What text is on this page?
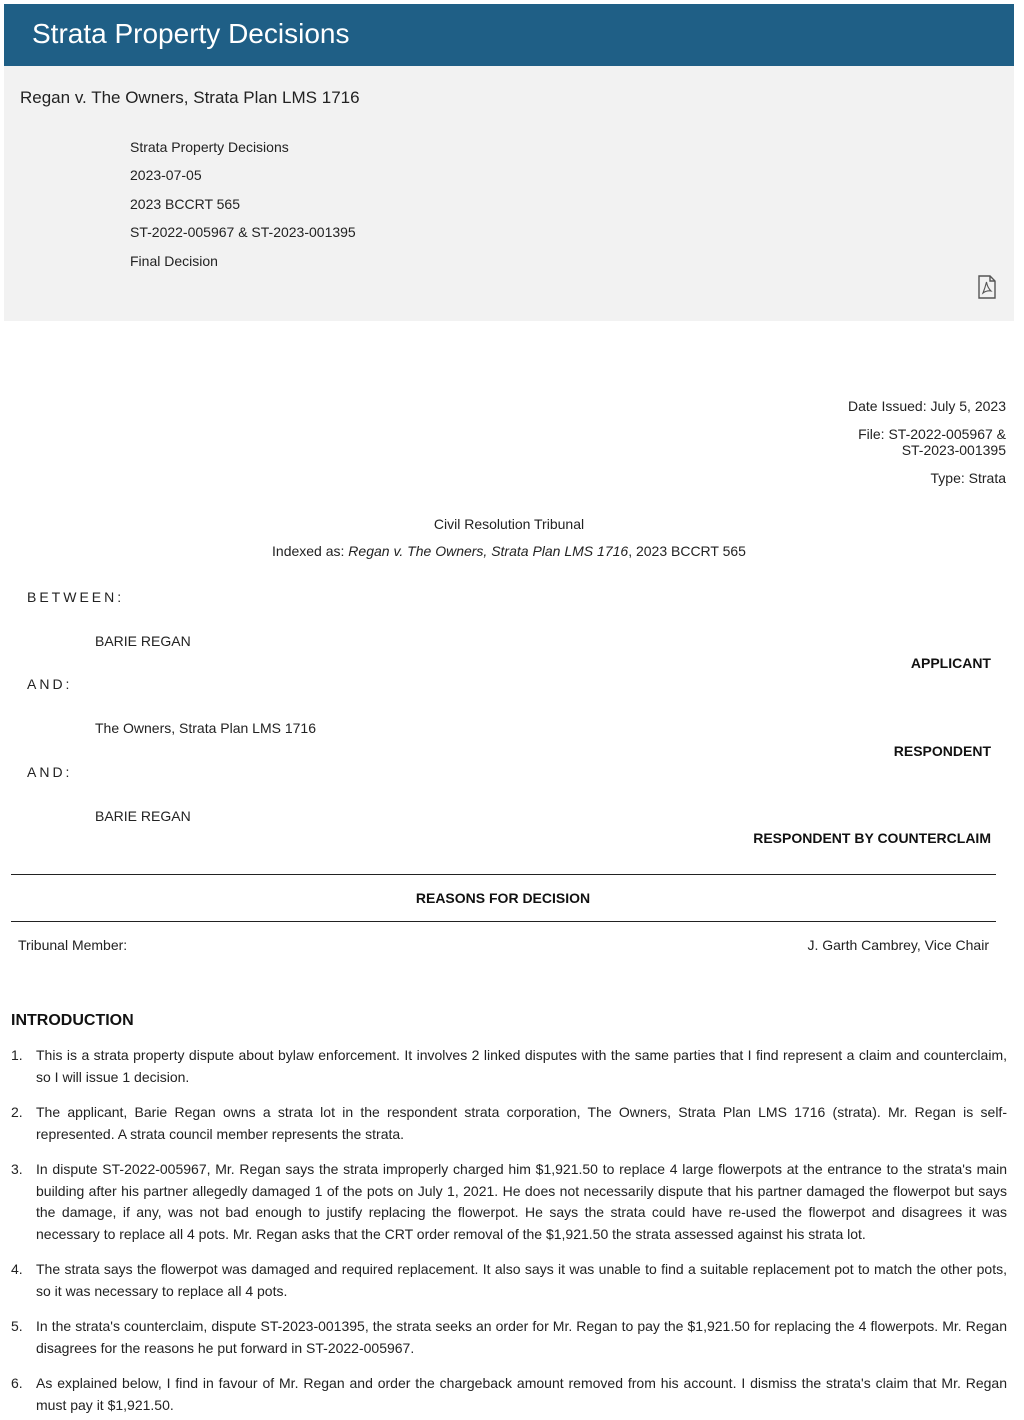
Strata Property Decisions
Regan v. The Owners, Strata Plan LMS 1716
Strata Property Decisions
2023-07-05
2023 BCCRT 565
ST-2022-005967 & ST-2023-001395
Final Decision
Date Issued: July 5, 2023
File: ST-2022-005967 &
ST-2023-001395
Type: Strata
Civil Resolution Tribunal
Indexed as: Regan v. The Owners, Strata Plan LMS 1716, 2023 BCCRT 565
BETWEEN:
BARIE REGAN
APPLICANT
AND:
The Owners, Strata Plan LMS 1716
RESPONDENT
AND:
BARIE REGAN
RESPONDENT BY COUNTERCLAIM
REASONS FOR DECISION
Tribunal Member:	J. Garth Cambrey, Vice Chair
INTRODUCTION
1. This is a strata property dispute about bylaw enforcement. It involves 2 linked disputes with the same parties that I find represent a claim and counterclaim, so I will issue 1 decision.
2. The applicant, Barie Regan owns a strata lot in the respondent strata corporation, The Owners, Strata Plan LMS 1716 (strata). Mr. Regan is self-represented. A strata council member represents the strata.
3. In dispute ST-2022-005967, Mr. Regan says the strata improperly charged him $1,921.50 to replace 4 large flowerpots at the entrance to the strata's main building after his partner allegedly damaged 1 of the pots on July 1, 2021. He does not necessarily dispute that his partner damaged the flowerpot but says the damage, if any, was not bad enough to justify replacing the flowerpot. He says the strata could have re-used the flowerpot and disagrees it was necessary to replace all 4 pots. Mr. Regan asks that the CRT order removal of the $1,921.50 the strata assessed against his strata lot.
4. The strata says the flowerpot was damaged and required replacement. It also says it was unable to find a suitable replacement pot to match the other pots, so it was necessary to replace all 4 pots.
5. In the strata's counterclaim, dispute ST-2023-001395, the strata seeks an order for Mr. Regan to pay the $1,921.50 for replacing the 4 flowerpots. Mr. Regan disagrees for the reasons he put forward in ST-2022-005967.
6. As explained below, I find in favour of Mr. Regan and order the chargeback amount removed from his account. I dismiss the strata's claim that Mr. Regan must pay it $1,921.50.
